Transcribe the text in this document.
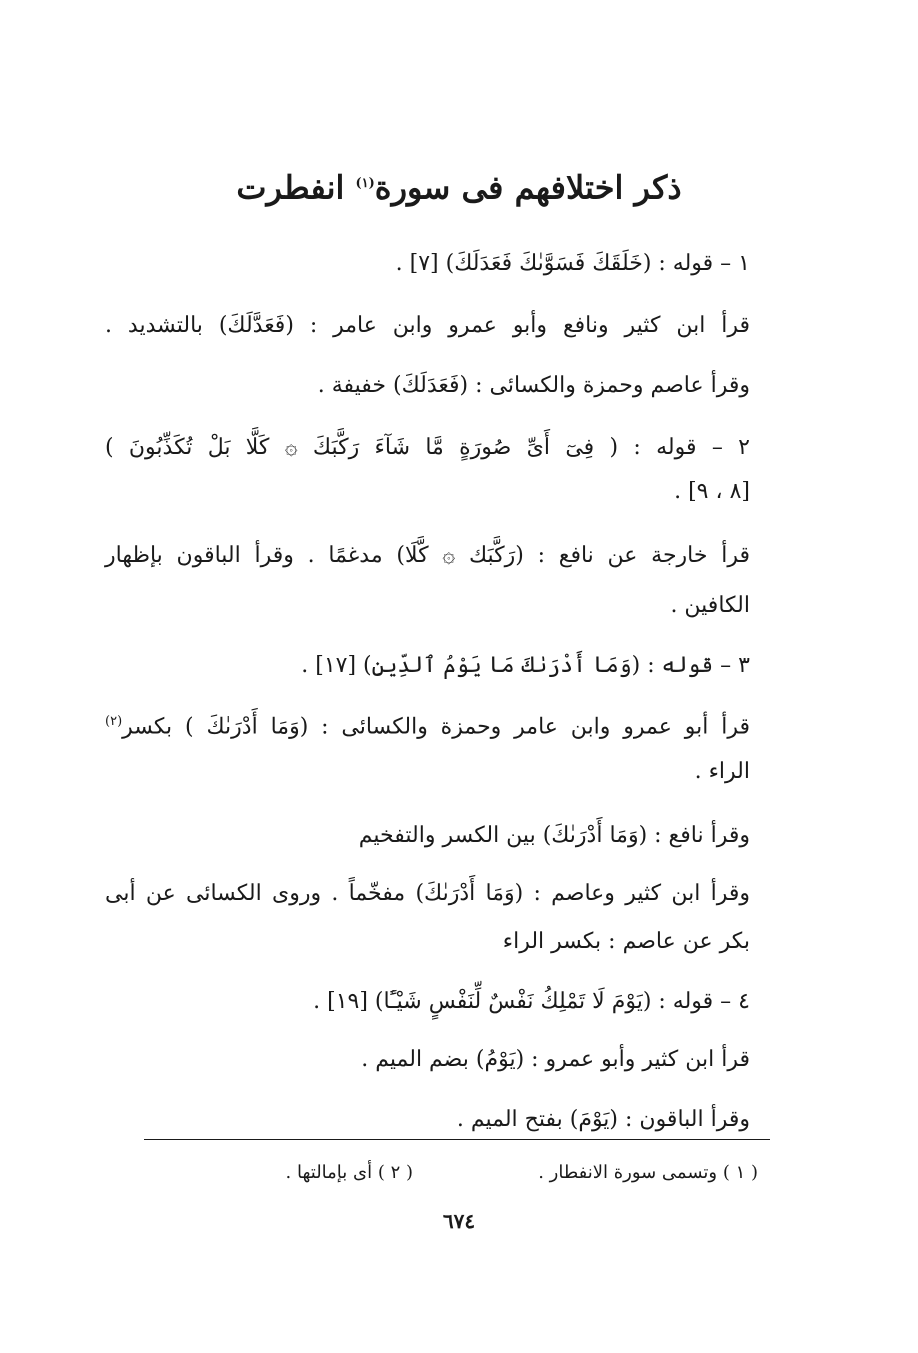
ذكر اختلافهم فى سورة$^{(١)}$ انفطرت
١ – قوله : (خَلَقَكَ فَسَوَّىٰكَ فَعَدَلَكَ) [٧] .
قرأ ابن كثير ونافع وأبو عمرو وابن عامر : (فَعَدَّلَكَ) بالتشديد .
وقرأ عاصم وحمزة والكسائى : (فَعَدَلَكَ) خفيفة .
٢ – قوله : ( فِىٓ أَىِّ صُورَةٍ مَّا شَآءَ رَكَّبَكَ ۞ كَلَّا بَلْ تُكَذِّبُونَ )
[٨ ، ٩] .
قرأ خارجة عن نافع : (رَكَّبَك ۞ كَّلَا) مدغمًا . وقرأ الباقون بإظهار
الكافين .
٣ – قوله : (وَمَا أَدْرَىٰكَ مَا يَوْمُ ٱلدِّينِ) [١٧] .
قرأ أبو عمرو وابن عامر وحمزة والكسائى : (وَمَا أَدْرَىٰكَ ) بكسر$^{(٢)}$
الراء .
وقرأ نافع : (وَمَا أَدْرَىٰكَ) بين الكسر والتفخيم
وقرأ ابن كثير وعاصم : (وَمَا أَدْرَىٰكَ) مفخّماً . وروى الكسائى عن أبى
بكر عن عاصم : بكسر الراء
٤ – قوله : (يَوْمَ لَا تَمْلِكُ نَفْسٌ لِّنَفْسٍ شَيْـًٔا) [١٩] .
قرأ ابن كثير وأبو عمرو : (يَوْمُ) بضم الميم .
وقرأ الباقون : (يَوْمَ) بفتح الميم .
( ١ ) وتسمى سورة الانفطار .
( ٢ ) أى بإمالتها .
٦٧٤
